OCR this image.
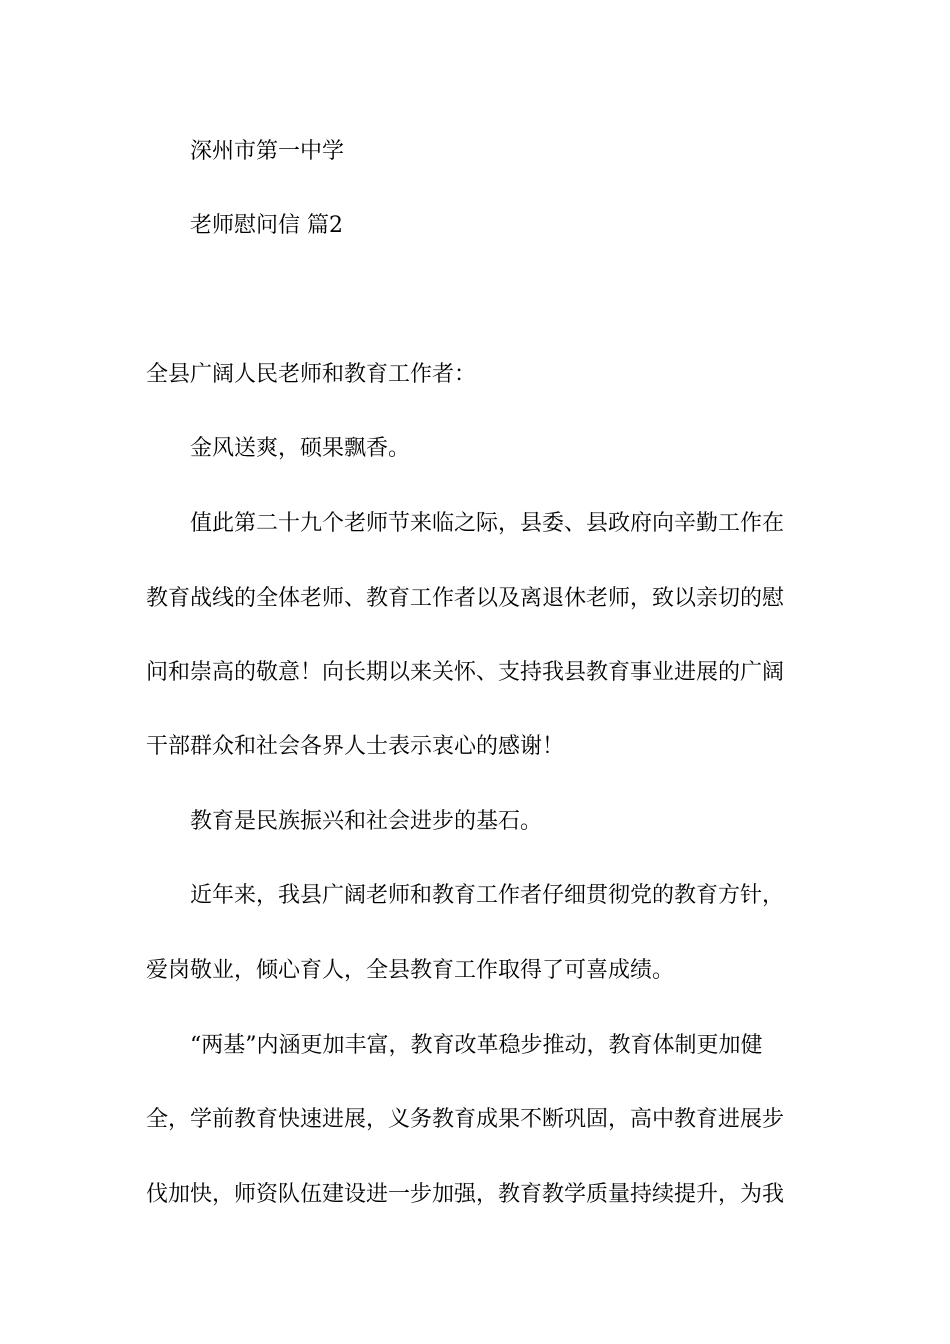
深州市第一中学
老师慰问信 篇2
全县广阔人民老师和教育工作者：
金风送爽，硕果飘香。
值此第二十九个老师节来临之际，县委、县政府向辛勤工作在
教育战线的全体老师、教育工作者以及离退休老师，致以亲切的慰
问和崇高的敬意！向长期以来关怀、支持我县教育事业进展的广阔
干部群众和社会各界人士表示衷心的感谢！
教育是民族振兴和社会进步的基石。
近年来，我县广阔老师和教育工作者仔细贯彻党的教育方针，
爱岗敬业，倾心育人，全县教育工作取得了可喜成绩。
“两基”内涵更加丰富，教育改革稳步推动，教育体制更加健
全，学前教育快速进展，义务教育成果不断巩固，高中教育进展步
伐加快，师资队伍建设进一步加强，教育教学质量持续提升，为我
